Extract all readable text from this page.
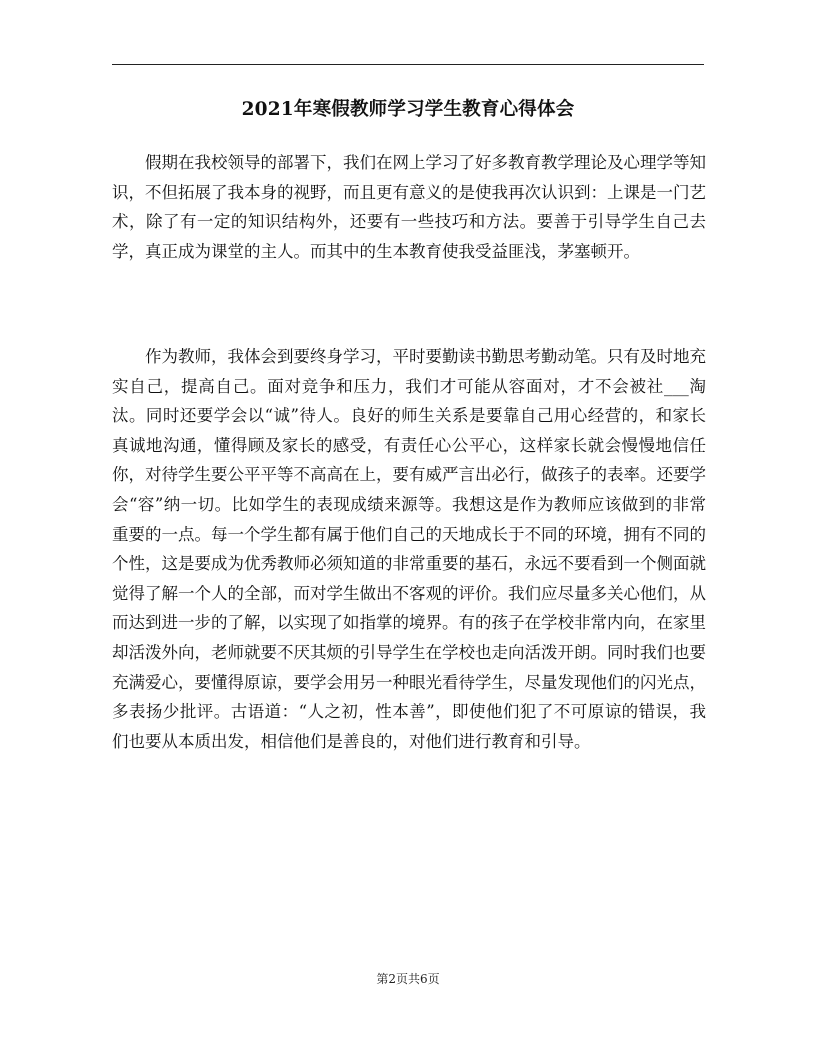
2021年寒假教师学习学生教育心得体会

假期在我校领导的部署下，我们在网上学习了好多教育教学理论及心理学等知识，不但拓展了我本身的视野，而且更有意义的是使我再次认识到：上课是一门艺术，除了有一定的知识结构外，还要有一些技巧和方法。要善于引导学生自己去学，真正成为课堂的主人。而其中的生本教育使我受益匪浅，茅塞顿开。

作为教师，我体会到要终身学习，平时要勤读书勤思考勤动笔。只有及时地充实自己，提高自己。面对竞争和压力，我们才可能从容面对，才不会被社___淘汰。同时还要学会以“诚”待人。良好的师生关系是要靠自己用心经营的，和家长真诚地沟通，懂得顾及家长的感受，有责任心公平心，这样家长就会慢慢地信任你，对待学生要公平平等不高高在上，要有威严言出必行，做孩子的表率。还要学会“容”纳一切。比如学生的表现成绩来源等。我想这是作为教师应该做到的非常重要的一点。每一个学生都有属于他们自己的天地成长于不同的环境，拥有不同的个性，这是要成为优秀教师必须知道的非常重要的基石，永远不要看到一个侧面就觉得了解一个人的全部，而对学生做出不客观的评价。我们应尽量多关心他们，从而达到进一步的了解，以实现了如指掌的境界。有的孩子在学校非常内向，在家里却活泼外向，老师就要不厌其烦的引导学生在学校也走向活泼开朗。同时我们也要充满爱心，要懂得原谅，要学会用另一种眼光看待学生，尽量发现他们的闪光点，多表扬少批评。古语道：“人之初，性本善”，即使他们犯了不可原谅的错误，我们也要从本质出发，相信他们是善良的，对他们进行教育和引导。

第2页共6页
